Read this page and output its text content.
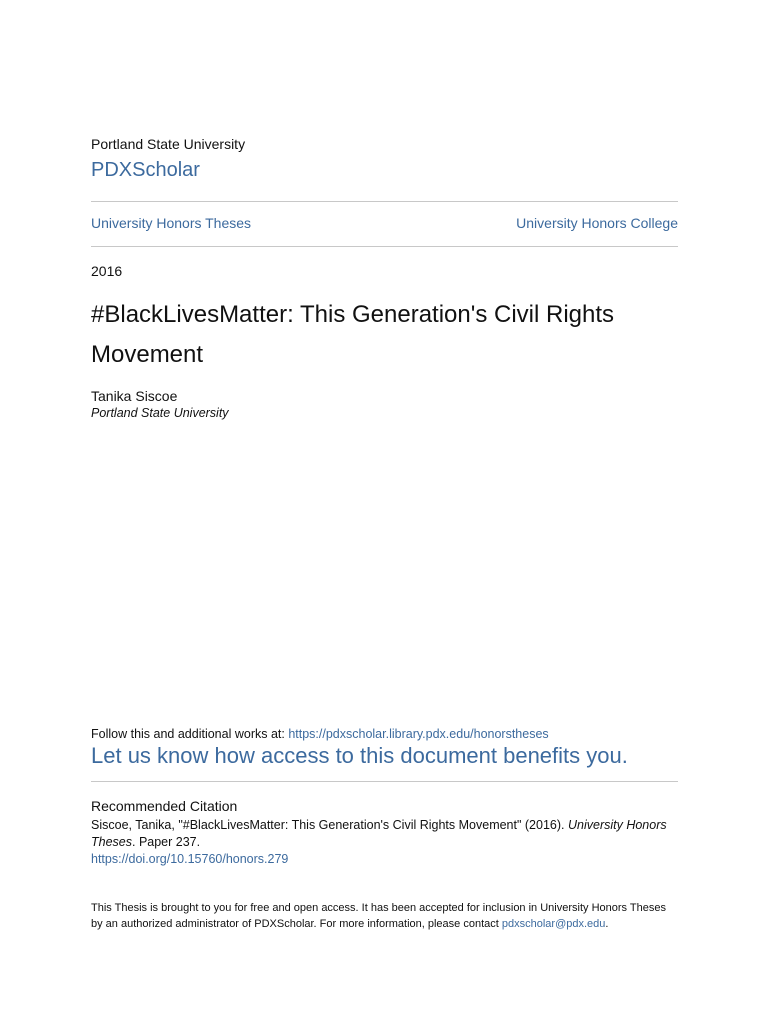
Portland State University
PDXScholar
University Honors Theses	University Honors College
2016
#BlackLivesMatter: This Generation's Civil Rights Movement
Tanika Siscoe
Portland State University
Follow this and additional works at: https://pdxscholar.library.pdx.edu/honorstheses
Let us know how access to this document benefits you.
Recommended Citation
Siscoe, Tanika, "#BlackLivesMatter: This Generation's Civil Rights Movement" (2016). University Honors Theses. Paper 237.
https://doi.org/10.15760/honors.279
This Thesis is brought to you for free and open access. It has been accepted for inclusion in University Honors Theses by an authorized administrator of PDXScholar. For more information, please contact pdxscholar@pdx.edu.
